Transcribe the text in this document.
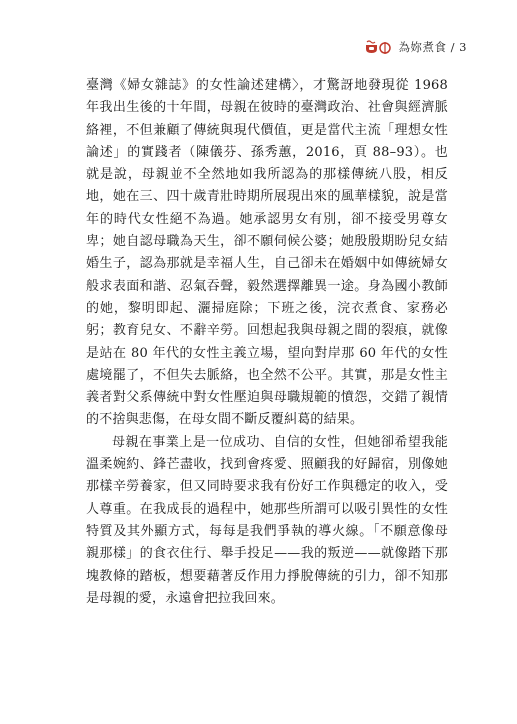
為妳煮食 / 3

臺灣《婦女雜誌》的女性論述建構〉，才驚訝地發現從 1968 年我出生後的十年間，母親在彼時的臺灣政治、社會與經濟脈絡裡，不但兼顧了傳統與現代價值，更是當代主流「理想女性論述」的實踐者（陳儀芬、孫秀蕙，2016，頁 88–93）。也就是說，母親並不全然地如我所認為的那樣傳統八股，相反地，她在三、四十歲青壯時期所展現出來的風華樣貌，說是當年的時代女性絕不為過。她承認男女有別，卻不接受男尊女卑；她自認母職為天生，卻不願伺候公婆；她殷殷期盼兒女結婚生子，認為那就是幸福人生，自己卻未在婚姻中如傳統婦女般求表面和諧、忍氣吞聲，毅然選擇離異一途。身為國小教師的她，黎明即起、灑掃庭除；下班之後，浣衣煮食、家務必躬；教育兒女、不辭辛勞。回想起我與母親之間的裂痕，就像是站在 80 年代的女性主義立場，望向對岸那 60 年代的女性處境罷了，不但失去脈絡，也全然不公平。其實，那是女性主義者對父系傳統中對女性壓迫與母職規範的憤怨，交錯了親情的不捨與悲傷，在母女間不斷反覆糾葛的結果。

母親在事業上是一位成功、自信的女性，但她卻希望我能溫柔婉約、鋒芒盡收，找到會疼愛、照顧我的好歸宿，別像她那樣辛勞養家，但又同時要求我有份好工作與穩定的收入，受人尊重。在我成長的過程中，她那些所謂可以吸引異性的女性特質及其外顯方式，每每是我們爭執的導火線。「不願意像母親那樣」的食衣住行、舉手投足——我的叛逆——就像踏下那塊教條的踏板，想要藉著反作用力掙脫傳統的引力，卻不知那是母親的愛，永遠會把拉我回來。
